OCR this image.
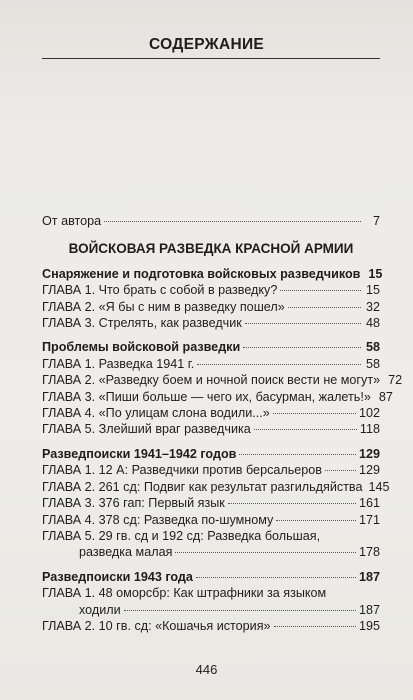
СОДЕРЖАНИЕ
От автора	7
ВОЙСКОВАЯ РАЗВЕДКА КРАСНОЙ АРМИИ
Снаряжение и подготовка войсковых разведчиков 15
ГЛАВА 1. Что брать с собой в разведку?	15
ГЛАВА 2. «Я бы с ним в разведку пошел»	32
ГЛАВА 3. Стрелять, как разведчик	48
Проблемы войсковой разведки	58
ГЛАВА 1. Разведка 1941 г.	58
ГЛАВА 2. «Разведку боем и ночной поиск вести не могут» 72
ГЛАВА 3. «Пиши больше — чего их, басурман, жалеть!» 87
ГЛАВА 4. «По улицам слона водили...»	102
ГЛАВА 5. Злейший враг разведчика	118
Разведпоиски 1941–1942 годов	129
ГЛАВА 1. 12 А: Разведчики против берсальеров	129
ГЛАВА 2. 261 сд: Подвиг как результат разгильдяйства 145
ГЛАВА 3. 376 гап: Первый язык	161
ГЛАВА 4. 378 сд: Разведка по-шумному	171
ГЛАВА 5. 29 гв. сд и 192 сд: Разведка большая,
разведка малая	178
Разведпоиски 1943 года	187
ГЛАВА 1. 48 оморсбр: Как штрафники за языком
ходили	187
ГЛАВА 2. 10 гв. сд: «Кошачья история»	195
446
